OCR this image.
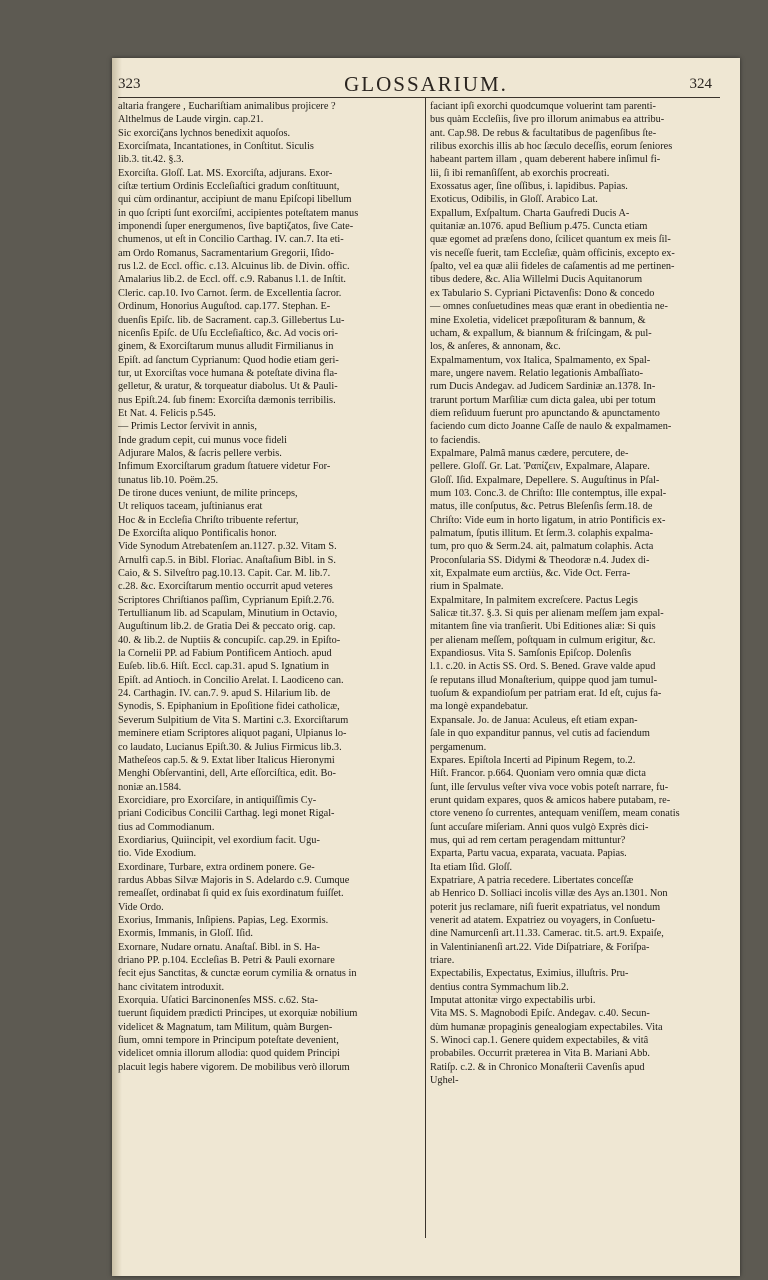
323	GLOSSARIUM.	324

altaria frangere , Euchariſtiam animalibus projicere ?

Althelmus de Laude virgin. cap.21.

Sic exorciζans lychnos benedixit aquoſos.

Exorciſmata, Incantationes, in Conſtitut. Siculis

lib.3. tit.42. §.3.

Exorciſta. Gloſſ. Lat. MS. Exorciſta, adjurans. Exor-

ciſtæ tertium Ordinis Eccleſiaſtici gradum conſtituunt,

qui cùm ordinantur, accipiunt de manu Epiſcopi libellum

in quo ſcripti ſunt exorciſmi, accipientes poteſtatem manus

imponendi ſuper energumenos, ſive baptiζatos, ſive Cate-

chumenos, ut eſt in Concilio Carthag. IV. can.7. Ita eti-

am Ordo Romanus, Sacramentarium Gregorii, Iſido-

rus l.2. de Eccl. offic. c.13. Alcuinus lib. de Divin. offic.

Amalarius lib.2. de Eccl. off. c.9. Rabanus l.1. de Inſtit.

Cleric. cap.10. Ivo Carnot. ſerm. de Excellentia ſacror.

Ordinum, Honorius Auguſtod. cap.177. Stephan. E-

duenſis Epiſc. lib. de Sacrament. cap.3. Gillebertus Lu-

nicenſis Epiſc. de Uſu Eccleſiaſtico, &c. Ad vocis ori-

ginem, & Exorciſtarum munus alludit Firmilianus in

Epiſt. ad ſanctum Cyprianum: Quod hodie etiam geri-

tur, ut Exorciſtas voce humana & poteſtate divina fla-

gelletur, & uratur, & torqueatur diabolus. Ut & Pauli-

nus Epiſt.24. ſub finem: Exorciſta dæmonis terribilis.

Et Nat. 4. Felicis p.545.

— Primis Lector ſervivit in annis,

Inde gradum cepit, cui munus voce fideli

Adjurare Malos, & ſacris pellere verbis.

Infimum Exorciſtarum gradum ſtatuere videtur For-

tunatus lib.10. Poëm.25.

De tirone duces veniunt, de milite princeps,

Ut reliquos taceam, juſtinianus erat

Hoc & in Eccleſia Chriſto tribuente refertur,

De Exorciſta aliquo Pontificalis honor.

Vide Synodum Atrebatenſem an.1127. p.32. Vitam S.

Arnulfi cap.5. in Bibl. Floriac. Anaſtaſium Bibl. in S.

Caio, & S. Silveſtro pag.10.13. Capit. Car. M. lib.7.

c.28. &c. Exorciſtarum mentio occurrit apud veteres

Scriptores Chriſtianos paſſim, Cyprianum Epiſt.2.76.

Tertullianum lib. ad Scapulam, Minutium in Octavio,

Auguſtinum lib.2. de Gratia Dei & peccato orig. cap.

40. & lib.2. de Nuptiis & concupiſc. cap.29. in Epiſto-

la Cornelii PP. ad Fabium Pontificem Antioch. apud

Euſeb. lib.6. Hiſt. Eccl. cap.31. apud S. Ignatium in

Epiſt. ad Antioch. in Concilio Arelat. I. Laodiceno can.

24. Carthagin. IV. can.7. 9. apud S. Hilarium lib. de

Synodis, S. Epiphanium in Epoſitione fidei catholicæ,

Severum Sulpitium de Vita S. Martini c.3. Exorciſtarum

meminere etiam Scriptores aliquot pagani, Ulpianus lo-

co laudato, Lucianus Epiſt.30. & Julius Firmicus lib.3.

Matheſeos cap.5. & 9. Extat liber Italicus Hieronymi

Menghi Obſervantini, dell, Arte eſſorciſtica, edit. Bo-

noniæ an.1584.

Exorcidiare, pro Exorciſare, in antiquiſſimis Cy-

priani Codicibus Concilii Carthag. legi monet Rigal-

tius ad Commodianum.

Exordiarius, Quiincipit, vel exordium facit. Ugu-

tio. Vide Exodium.

Exordinare, Turbare, extra ordinem ponere. Ge-

rardus Abbas Silvæ Majoris in S. Adelardo c.9. Cumque

remeaſſet, ordinabat ſi quid ex ſuis exordinatum fuiſſet.

Vide Ordo.

Exorius, Immanis, Inſipiens. Papias, Leg. Exormis.

Exormis, Immanis, in Gloſſ. Iſid.

Exornare, Nudare ornatu. Anaſtaſ. Bibl. in S. Ha-

driano PP. p.104. Eccleſias B. Petri & Pauli exornare

fecit ejus Sanctitas, & cunctæ eorum cymilia & ornatus in

hanc civitatem introduxit.

Exorquia. Uſatici Barcinonenſes MSS. c.62. Sta-

tuerunt ſiquidem prædicti Principes, ut exorquiæ nobilium

videlicet & Magnatum, tam Militum, quàm Burgen-

ſium, omni tempore in Principum poteſtate devenient,

videlicet omnia illorum allodia: quod quidem Principi

placuit legis habere vigorem. De mobilibus verò illorum

faciant ipſi exorchi quodcumque voluerint tam parenti-

bus quàm Eccleſiis, ſive pro illorum animabus ea attribu-

ant. Cap.98. De rebus & facultatibus de pagenſibus ſte-

rilibus exorchis illis ab hoc ſæculo deceſſis, eorum ſeniores

habeant partem illam , quam deberent habere inſimul fi-

lii, ſi ibi remanſiſſent, ab exorchis procreati.

Exossatus ager, ſine oſſibus, i. lapidibus. Papias.

Exoticus, Odibilis, in Gloſſ. Arabico Lat.

Expallum, Exſpaltum. Charta Gaufredi Ducis A-

quitaniæ an.1076. apud Beſlium p.475. Cuncta etiam

quæ egomet ad præſens dono, ſcilicet quantum ex meis ſil-

vis neceſſe fuerit, tam Eccleſiæ, quàm officinis, excepto ex-

ſpalto, vel ea quæ alii fideles de caſamentis ad me pertinen-

tibus dedere, &c. Alia Willelmi Ducis Aquitanorum

ex Tabulario S. Cypriani Pictavenſis: Dono & concedo

— omnes conſuetudines meas quæ erant in obedientia ne-

mine Exoletia, videlicet præpoſituram & bannum, &

ucham, & expallum, & biannum & friſcingam, & pul-

los, & anſeres, & annonam, &c.

Expalmamentum, vox Italica, Spalmamento, ex Spal-

mare, ungere navem. Relatio legationis Ambaſſiato-

rum Ducis Andegav. ad Judicem Sardiniæ an.1378. In-

trarunt portum Marſiliæ cum dicta galea, ubi per totum

diem reſiduum fuerunt pro apunctando & apunctamento

faciendo cum dicto Joanne Caſſe de naulo & expalmamen-

to faciendis.

Expalmare, Palmâ manus cædere, percutere, de-

pellere. Gloſſ. Gr. Lat. Ῥαπίζειν, Expalmare, Alapare.

Gloſſ. Iſid. Expalmare, Depellere. S. Auguſtinus in Pſal-

mum 103. Conc.3. de Chriſto: Ille contemptus, ille expal-

matus, ille conſputus, &c. Petrus Bleſenſis ſerm.18. de

Chriſto: Vide eum in horto ligatum, in atrio Pontificis ex-

palmatum, ſputis illitum. Et ſerm.3. colaphis expalma-

tum, pro quo & Serm.24. ait, palmatum colaphis. Acta

Proconſularia SS. Didymi & Theodoræ n.4. Judex di-

xit, Expalmate eum arctiùs, &c. Vide Oct. Ferra-

rium in Spalmate.

Expalmitare, In palmitem excreſcere. Pactus Legis

Salicæ tit.37. §.3. Si quis per alienam meſſem jam expal-

mitantem ſine via tranſierit. Ubi Editiones aliæ: Si quis

per alienam meſſem, poſtquam in culmum erigitur, &c.

Expandiosus. Vita S. Samſonis Epiſcop. Dolenſis

l.1. c.20. in Actis SS. Ord. S. Bened. Grave valde apud

ſe reputans illud Monaſterium, quippe quod jam tumul-

tuoſum & expandioſum per patriam erat. Id eſt, cujus fa-

ma longè expandebatur.

Expansale. Jo. de Janua: Aculeus, eſt etiam expan-

ſale in quo expanditur pannus, vel cutis ad faciendum

pergamenum.

Expares. Epiſtola Incerti ad Pipinum Regem, to.2.

Hiſt. Francor. p.664. Quoniam vero omnia quæ dicta

ſunt, ille ſervulus veſter viva voce vobis poteſt narrare, fu-

erunt quidam expares, quos & amicos habere putabam, re-

ctore veneno ſo currentes, antequam veniſſem, meam conatis

ſunt accuſare miſeriam. Anni quos vulgò Exprès dici-

mus, qui ad rem certam peragendam mittuntur?

Exparta, Partu vacua, exparata, vacuata. Papias.

Ita etiam Iſid. Gloſſ.

Expatriare, A patria recedere. Libertates conceſſæ

ab Henrico D. Solliaci incolis villæ des Ays an.1301. Non

poterit jus reclamare, niſi fuerit expatriatus, vel nondum

venerit ad atatem. Expatriez ou voyagers, in Conſuetu-

dine Namurcenſi art.11.33. Camerac. tit.5. art.9. Expaiſe,

in Valentinianenſi art.22. Vide Diſpatriare, & Foriſpa-

triare.

Expectabilis, Expectatus, Eximius, illuſtris. Pru-

dentius contra Symmachum lib.2.

Imputat attonitæ virgo expectabilis urbi.

Vita MS. S. Magnobodi Epiſc. Andegav. c.40. Secun-

dùm humanæ propaginis genealogiam expectabiles. Vita

S. Winoci cap.1. Genere quidem expectabiles, & vitâ

probabiles. Occurrit præterea in Vita B. Mariani Abb.

Ratiſp. c.2. & in Chronico Monaſterii Cavenſis apud

Ughel-
